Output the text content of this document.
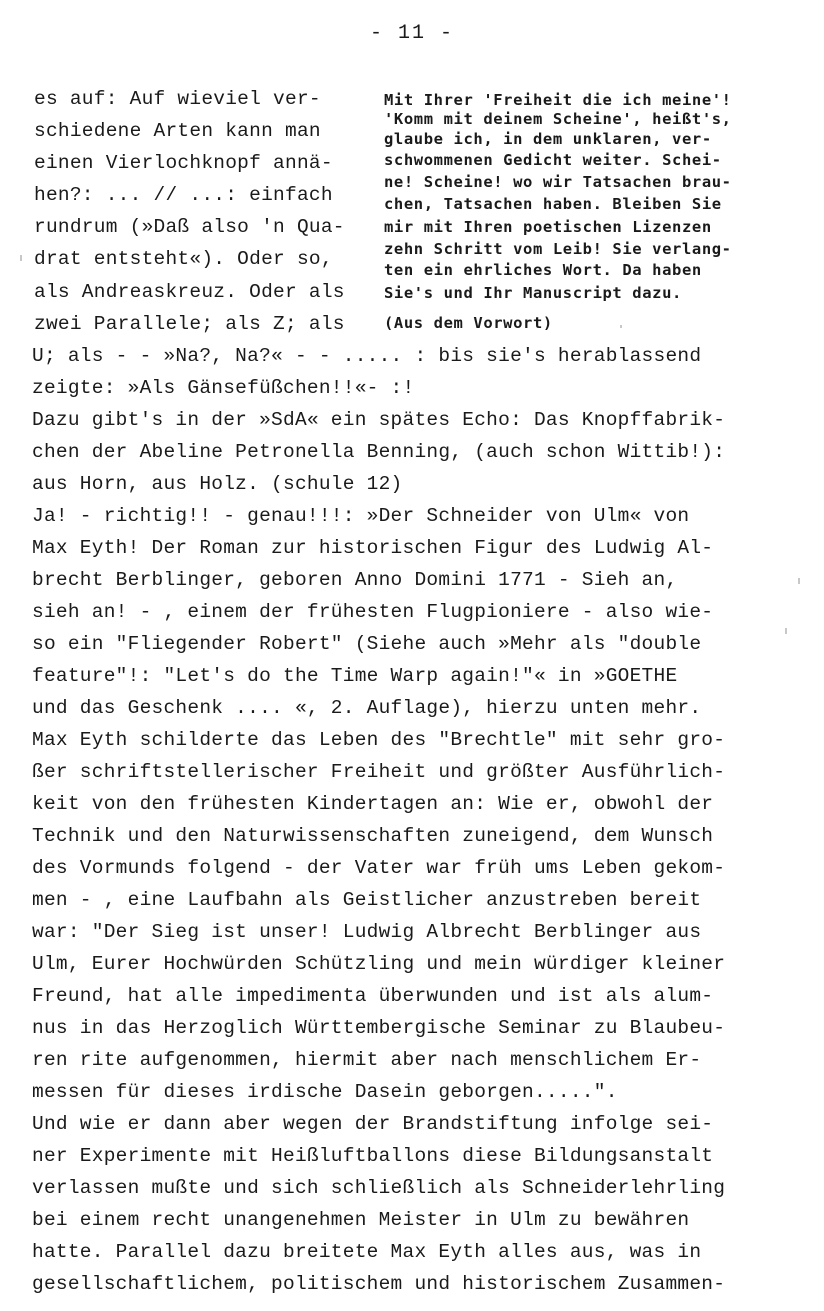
- 11 -
es auf: Auf wieviel ver-
schiedene Arten kann man
einen Vierlochknopf annä-
hen?: ... // ...: einfach
rundrum (»Daß also 'n Qua-
drat entsteht«). Oder so,
als Andreaskreuz. Oder als
zwei Parallele; als Z; als
Mit Ihrer 'Freiheit die ich meine'!
'Komm mit deinem Scheine', heißt's,
glaube ich, in dem unklaren, ver-
schwommenen Gedicht weiter. Schei-
ne! Scheine! wo wir Tatsachen brau-
chen, Tatsachen haben. Bleiben Sie
mir mit Ihren poetischen Lizenzen
zehn Schritt vom Leib! Sie verlang-
ten ein ehrliches Wort. Da haben
Sie's und Ihr Manuscript dazu.
(Aus dem Vorwort)
U; als - - »Na?, Na?« - - ..... : bis sie's herablassend
zeigte: »Als Gänsefüßchen!!«- :!
Dazu gibt's in der »SdA« ein spätes Echo: Das Knopffabrik-
chen der Abeline Petronella Benning, (auch schon Wittib!):
aus Horn, aus Holz. (schule 12)
Ja! - richtig!! - genau!!!: »Der Schneider von Ulm« von
Max Eyth! Der Roman zur historischen Figur des Ludwig Al-
brecht Berblinger, geboren Anno Domini 1771 - Sieh an,
sieh an! - , einem der frühesten Flugpioniere - also wie-
so ein "Fliegender Robert" (Siehe auch »Mehr als "double
feature"!: "Let's do the Time Warp again!"« in »GOETHE
und das Geschenk .... «, 2. Auflage), hierzu unten mehr.
Max Eyth schilderte das Leben des "Brechtle" mit sehr gro-
ßer schriftstellerischer Freiheit und größter Ausführlich-
keit von den frühesten Kindertagen an: Wie er, obwohl der
Technik und den Naturwissenschaften zuneigend, dem Wunsch
des Vormunds folgend - der Vater war früh ums Leben gekom-
men - , eine Laufbahn als Geistlicher anzustreben bereit
war: "Der Sieg ist unser! Ludwig Albrecht Berblinger aus
Ulm, Eurer Hochwürden Schützling und mein würdiger kleiner
Freund, hat alle impedimenta überwunden und ist als alum-
nus in das Herzoglich Württembergische Seminar zu Blaubeu-
ren rite aufgenommen, hiermit aber nach menschlichem Er-
messen für dieses irdische Dasein geborgen.....".
Und wie er dann aber wegen der Brandstiftung infolge sei-
ner Experimente mit Heißluftballons diese Bildungsanstalt
verlassen mußte und sich schließlich als Schneiderlehrling
bei einem recht unangenehmen Meister in Ulm zu bewähren
hatte. Parallel dazu breitete Max Eyth alles aus, was in
gesellschaftlichem, politischem und historischem Zusammen-
